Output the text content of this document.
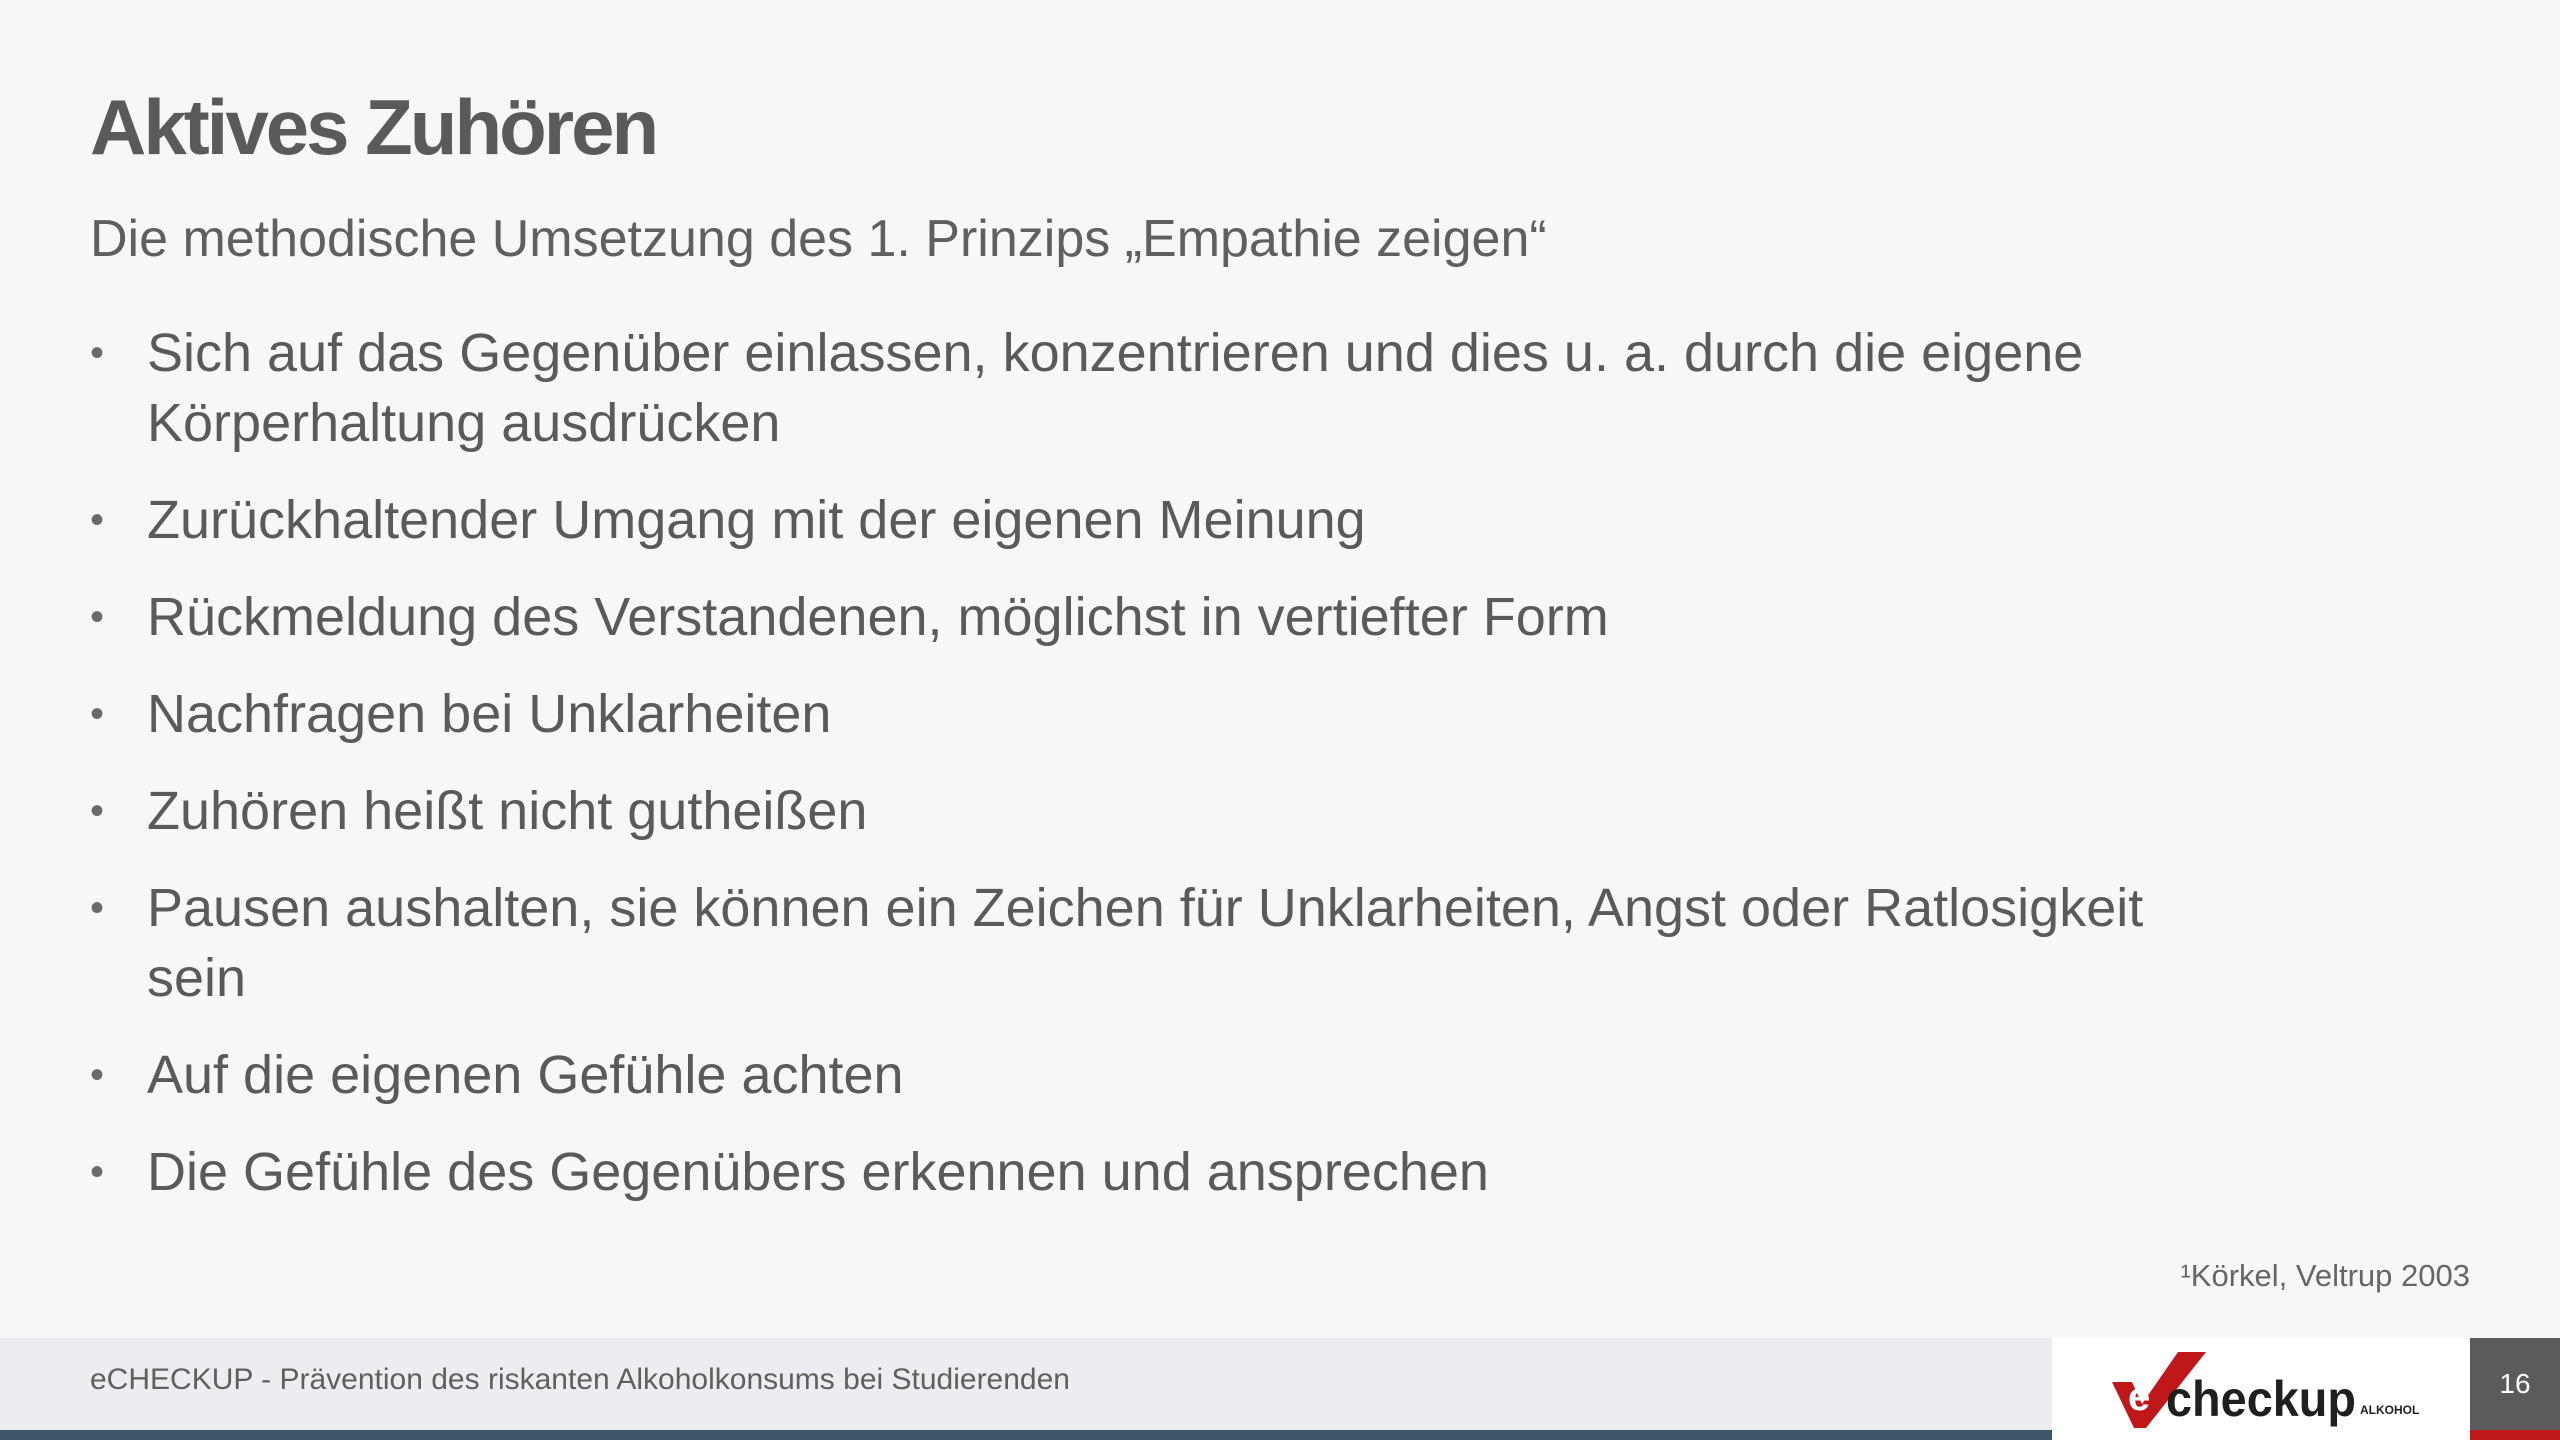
Aktives Zuhören
Die methodische Umsetzung des 1. Prinzips „Empathie zeigen“
• Sich auf das Gegenüber einlassen, konzentrieren und dies u. a. durch die eigene Körperhaltung ausdrücken
• Zurückhaltender Umgang mit der eigenen Meinung
• Rückmeldung des Verstandenen, möglichst in vertiefter Form
• Nachfragen bei Unklarheiten
• Zuhören heißt nicht gutheißen
• Pausen aushalten, sie können ein Zeichen für Unklarheiten, Angst oder Ratlosigkeit sein
• Auf die eigenen Gefühle achten
• Die Gefühle des Gegenübers erkennen und ansprechen
¹Körkel, Veltrup 2003
eCHECKUP - Prävention des riskanten Alkoholkonsums bei Studierenden	e checkup ALKOHOL
16
